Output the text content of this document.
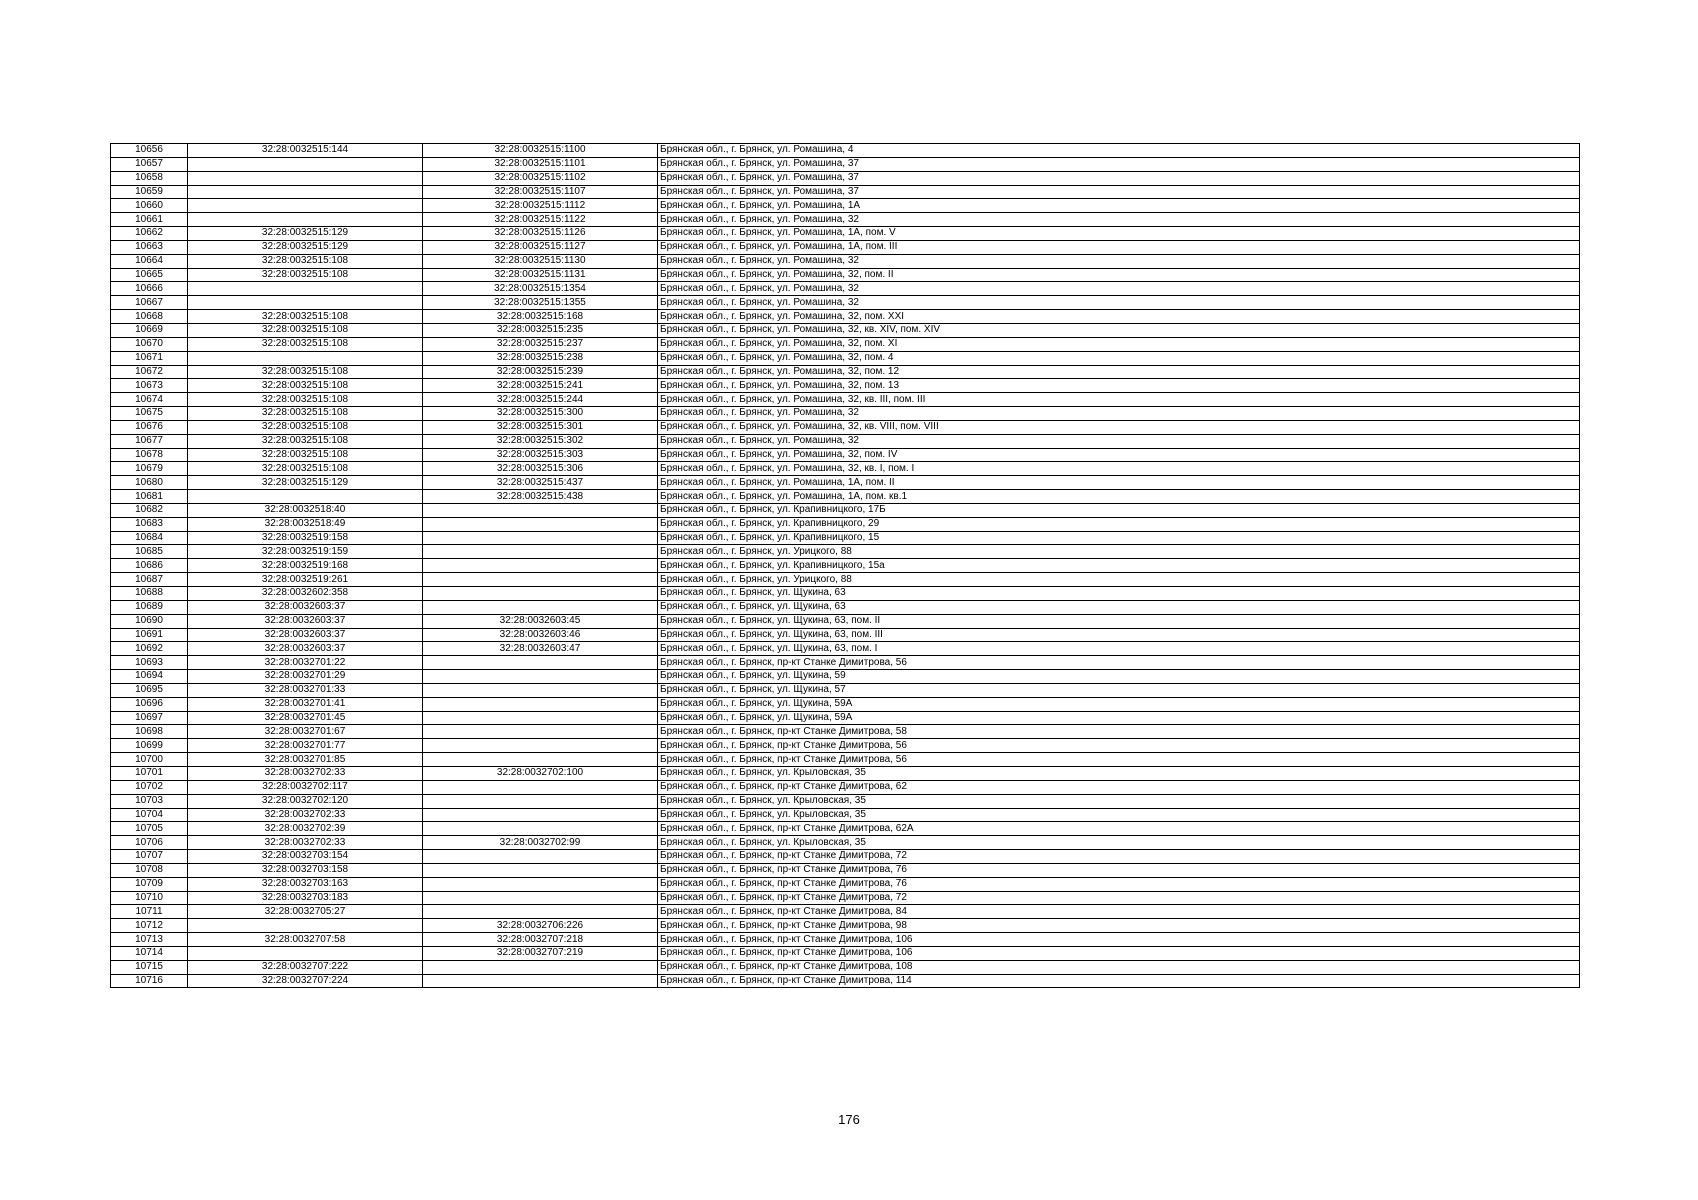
10656	32:28:0032515:144	32:28:0032515:1100	Брянская обл., г. Брянск, ул. Ромашина, 4
10657		32:28:0032515:1101	Брянская обл., г. Брянск, ул. Ромашина, 37
10658		32:28:0032515:1102	Брянская обл., г. Брянск, ул. Ромашина, 37
10659		32:28:0032515:1107	Брянская обл., г. Брянск, ул. Ромашина, 37
10660		32:28:0032515:1112	Брянская обл., г. Брянск, ул. Ромашина, 1А
10661		32:28:0032515:1122	Брянская обл., г. Брянск, ул. Ромашина, 32
10662	32:28:0032515:129	32:28:0032515:1126	Брянская обл., г. Брянск, ул. Ромашина, 1А, пом. V
10663	32:28:0032515:129	32:28:0032515:1127	Брянская обл., г. Брянск, ул. Ромашина, 1А, пом. III
10664	32:28:0032515:108	32:28:0032515:1130	Брянская обл., г. Брянск, ул. Ромашина, 32
10665	32:28:0032515:108	32:28:0032515:1131	Брянская обл., г. Брянск, ул. Ромашина, 32, пом. II
10666		32:28:0032515:1354	Брянская обл., г. Брянск, ул. Ромашина, 32
10667		32:28:0032515:1355	Брянская обл., г. Брянск, ул. Ромашина, 32
10668	32:28:0032515:108	32:28:0032515:168	Брянская обл., г. Брянск, ул. Ромашина, 32, пом. XXI
10669	32:28:0032515:108	32:28:0032515:235	Брянская обл., г. Брянск, ул. Ромашина, 32, кв. XIV, пом. XIV
10670	32:28:0032515:108	32:28:0032515:237	Брянская обл., г. Брянск, ул. Ромашина, 32, пом. XI
10671		32:28:0032515:238	Брянская обл., г. Брянск, ул. Ромашина, 32, пом. 4
10672	32:28:0032515:108	32:28:0032515:239	Брянская обл., г. Брянск, ул. Ромашина, 32, пом. 12
10673	32:28:0032515:108	32:28:0032515:241	Брянская обл., г. Брянск, ул. Ромашина, 32, пом. 13
10674	32:28:0032515:108	32:28:0032515:244	Брянская обл., г. Брянск, ул. Ромашина, 32, кв. III, пом. III
10675	32:28:0032515:108	32:28:0032515:300	Брянская обл., г. Брянск, ул. Ромашина, 32
10676	32:28:0032515:108	32:28:0032515:301	Брянская обл., г. Брянск, ул. Ромашина, 32, кв. VIII, пом. VIII
10677	32:28:0032515:108	32:28:0032515:302	Брянская обл., г. Брянск, ул. Ромашина, 32
10678	32:28:0032515:108	32:28:0032515:303	Брянская обл., г. Брянск, ул. Ромашина, 32, пом. IV
10679	32:28:0032515:108	32:28:0032515:306	Брянская обл., г. Брянск, ул. Ромашина, 32, кв. I, пом. I
10680	32:28:0032515:129	32:28:0032515:437	Брянская обл., г. Брянск, ул. Ромашина, 1А, пом. II
10681		32:28:0032515:438	Брянская обл., г. Брянск, ул. Ромашина, 1А, пом. кв.1
10682	32:28:0032518:40		Брянская обл., г. Брянск, ул. Крапивницкого, 17Б
10683	32:28:0032518:49		Брянская обл., г. Брянск, ул. Крапивницкого, 29
10684	32:28:0032519:158		Брянская обл., г. Брянск, ул. Крапивницкого, 15
10685	32:28:0032519:159		Брянская обл., г. Брянск, ул. Урицкого, 88
10686	32:28:0032519:168		Брянская обл., г. Брянск, ул. Крапивницкого, 15а
10687	32:28:0032519:261		Брянская обл., г. Брянск, ул. Урицкого, 88
10688	32:28:0032602:358		Брянская обл., г. Брянск, ул. Щукина, 63
10689	32:28:0032603:37		Брянская обл., г. Брянск, ул. Щукина, 63
10690	32:28:0032603:37	32:28:0032603:45	Брянская обл., г. Брянск, ул. Щукина, 63, пом. II
10691	32:28:0032603:37	32:28:0032603:46	Брянская обл., г. Брянск, ул. Щукина, 63, пом. III
10692	32:28:0032603:37	32:28:0032603:47	Брянская обл., г. Брянск, ул. Щукина, 63, пом. I
10693	32:28:0032701:22		Брянская обл., г. Брянск, пр-кт Станке Димитрова, 56
10694	32:28:0032701:29		Брянская обл., г. Брянск, ул. Щукина, 59
10695	32:28:0032701:33		Брянская обл., г. Брянск, ул. Щукина, 57
10696	32:28:0032701:41		Брянская обл., г. Брянск, ул. Щукина, 59А
10697	32:28:0032701:45		Брянская обл., г. Брянск, ул. Щукина, 59А
10698	32:28:0032701:67		Брянская обл., г. Брянск, пр-кт Станке Димитрова, 58
10699	32:28:0032701:77		Брянская обл., г. Брянск, пр-кт Станке Димитрова, 56
10700	32:28:0032701:85		Брянская обл., г. Брянск, пр-кт Станке Димитрова, 56
10701	32:28:0032702:33	32:28:0032702:100	Брянская обл., г. Брянск, ул. Крыловская, 35
10702	32:28:0032702:117		Брянская обл., г. Брянск, пр-кт Станке Димитрова, 62
10703	32:28:0032702:120		Брянская обл., г. Брянск, ул. Крыловская, 35
10704	32:28:0032702:33		Брянская обл., г. Брянск, ул. Крыловская, 35
10705	32:28:0032702:39		Брянская обл., г. Брянск, пр-кт Станке Димитрова, 62А
10706	32:28:0032702:33	32:28:0032702:99	Брянская обл., г. Брянск, ул. Крыловская, 35
10707	32:28:0032703:154		Брянская обл., г. Брянск, пр-кт Станке Димитрова, 72
10708	32:28:0032703:158		Брянская обл., г. Брянск, пр-кт Станке Димитрова, 76
10709	32:28:0032703:163		Брянская обл., г. Брянск, пр-кт Станке Димитрова, 76
10710	32:28:0032703:183		Брянская обл., г. Брянск, пр-кт Станке Димитрова, 72
10711	32:28:0032705:27		Брянская обл., г. Брянск, пр-кт Станке Димитрова, 84
10712		32:28:0032706:226	Брянская обл., г. Брянск, пр-кт Станке Димитрова, 98
10713	32:28:0032707:58	32:28:0032707:218	Брянская обл., г. Брянск, пр-кт Станке Димитрова, 106
10714		32:28:0032707:219	Брянская обл., г. Брянск, пр-кт Станке Димитрова, 106
10715	32:28:0032707:222		Брянская обл., г. Брянск, пр-кт Станке Димитрова, 108
10716	32:28:0032707:224		Брянская обл., г. Брянск, пр-кт Станке Димитрова, 114
176
